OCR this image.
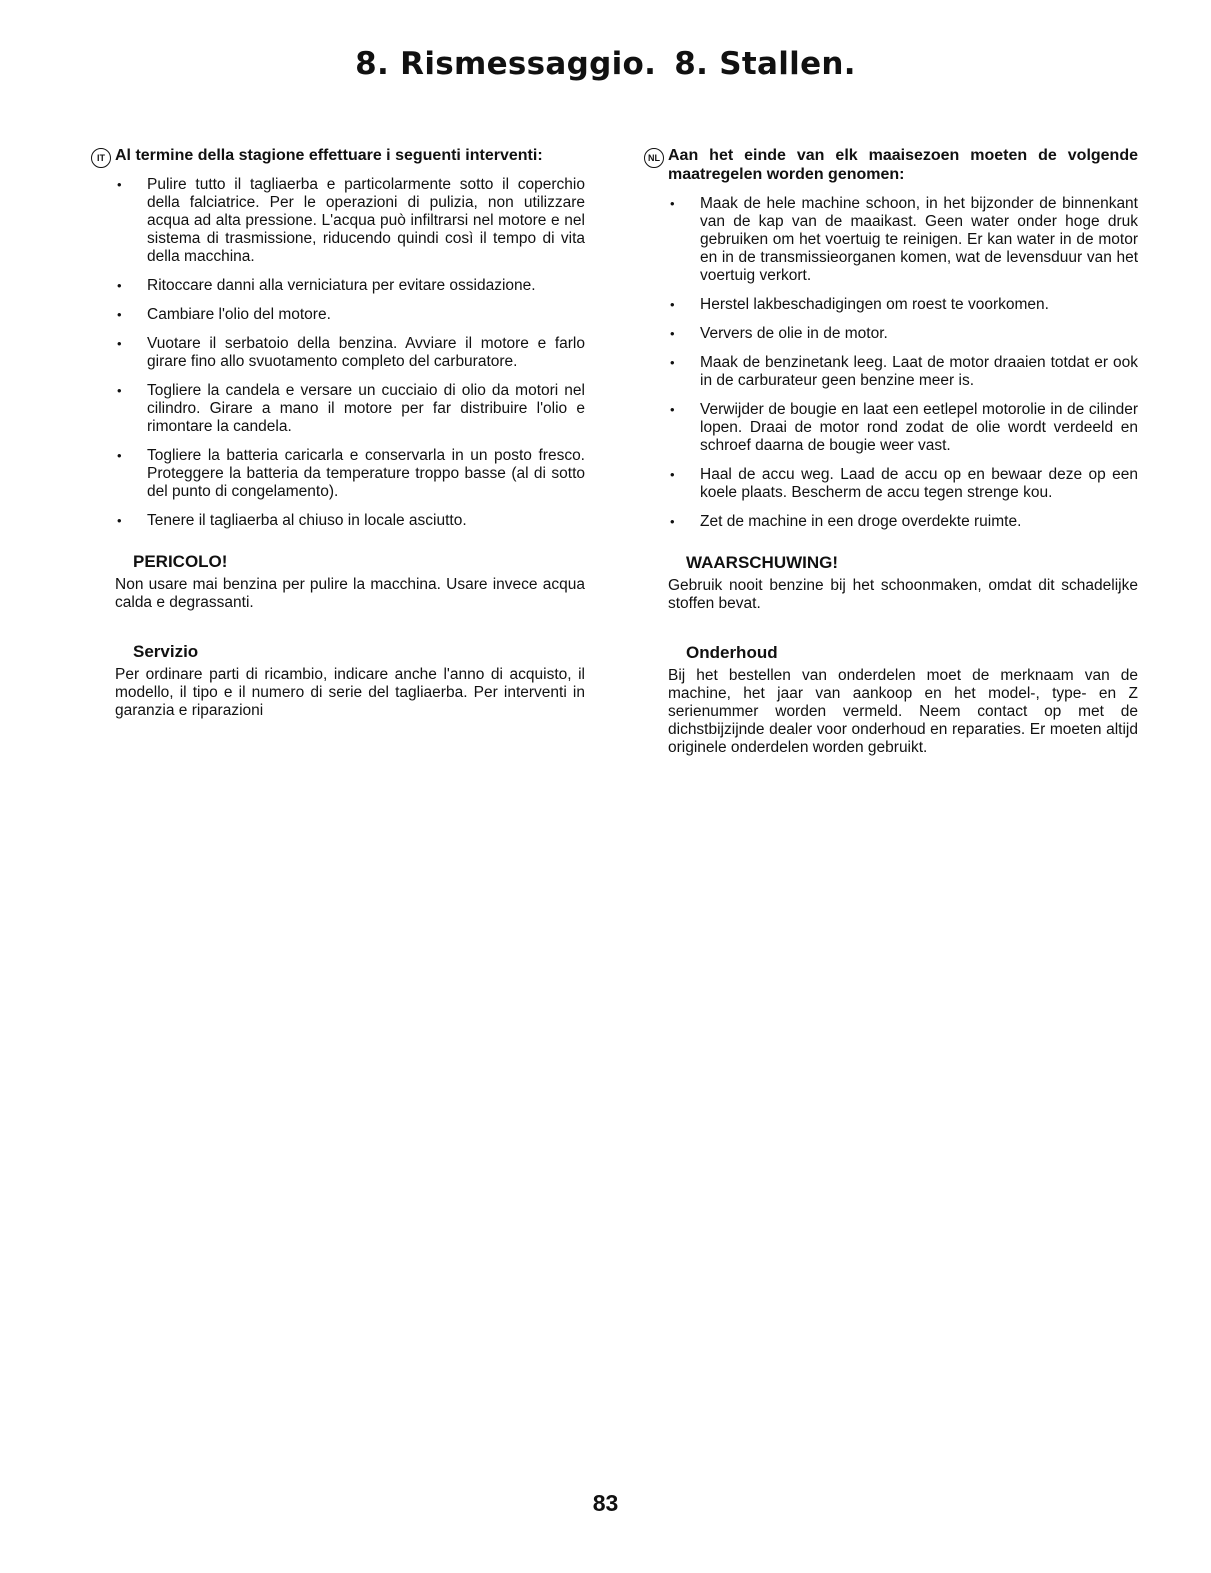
8. Rismessaggio. 8. Stallen.
IT Al termine della stagione effettuare i seguenti interventi:

• Pulire tutto il tagliaerba e particolarmente sotto il coperchio della falciatrice. Per le operazioni di pulizia, non utilizzare acqua ad alta pressione. L'acqua può infiltrarsi nel motore e nel sistema di trasmissione, riducendo quindi così il tempo di vita della macchina.
• Ritoccare danni alla verniciatura per evitare ossidazione.
• Cambiare l'olio del motore.
• Vuotare il serbatoio della benzina. Avviare il motore e farlo girare fino allo svuotamento completo del carburatore.
• Togliere la candela e versare un cucciaio di olio da motori nel cilindro. Girare a mano il motore per far distribuire l'olio e rimontare la candela.
• Togliere la batteria caricarla e conservarla in un posto fresco. Proteggere la batteria da temperature troppo basse (al di sotto del punto di congelamento).
• Tenere il tagliaerba al chiuso in locale asciutto.
PERICOLO!

Non usare mai benzina per pulire la macchina. Usare invece acqua calda e degrassanti.

Servizio

Per ordinare parti di ricambio, indicare anche l'anno di acquisto, il modello, il tipo e il numero di serie del tagliaerba. Per interventi in garanzia e riparazioni

NL Aan het einde van elk maaisezoen moeten de volgende maatregelen worden genomen:

• Maak de hele machine schoon, in het bijzonder de binnenkant van de kap van de maaikast. Geen water onder hoge druk gebruiken om het voertuig te reinigen. Er kan water in de motor en in de transmissieorganen komen, wat de levensduur van het voertuig verkort.
• Herstel lakbeschadigingen om roest te voorkomen.
• Ververs de olie in de motor.
• Maak de benzinetank leeg. Laat de motor draaien totdat er ook in de carburateur geen benzine meer is.
• Verwijder de bougie en laat een eetlepel motorolie in de cilinder lopen. Draai de motor rond zodat de olie wordt verdeeld en schroef daarna de bougie weer vast.
• Haal de accu weg. Laad de accu op en bewaar deze op een koele plaats. Bescherm de accu tegen strenge kou.
• Zet de machine in een droge overdekte ruimte.
WAARSCHUWING!

Gebruik nooit benzine bij het schoonmaken, omdat dit schadelijke stoffen bevat.

Onderhoud

Bij het bestellen van onderdelen moet de merknaam van de machine, het jaar van aankoop en het model-, type- en Z serienummer worden vermeld. Neem contact op met de dichstbijzijnde dealer voor onderhoud en reparaties. Er moeten altijd originele onderdelen worden gebruikt.

83
